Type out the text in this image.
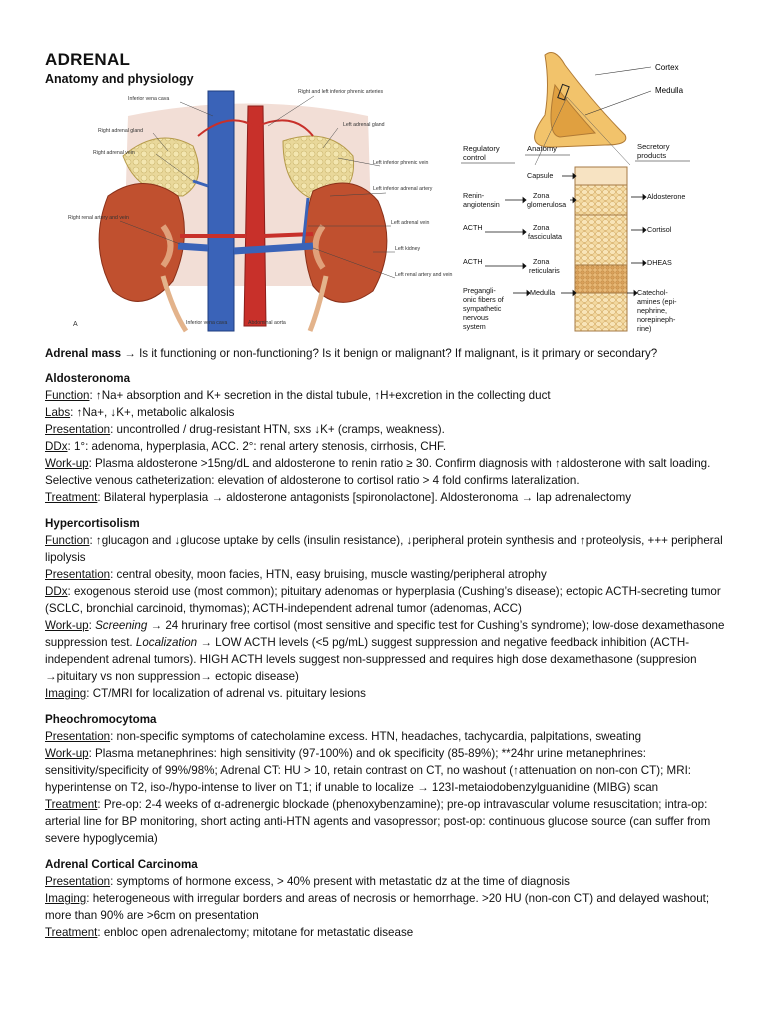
ADRENAL
Anatomy and physiology
Inferior vena cava
Right and left inferior phrenic arteries
Right adrenal gland
Right adrenal vein
Left adrenal gland
Left inferior phrenic vein
Left inferior adrenal artery
Right renal artery and vein
Left adrenal vein
Left kidney
Left renal artery and vein
Inferior vena cava	Abdominal aorta
A
Cortex
Medulla
Regulatory
control
Anatomy	Secretory
products
Capsule
Renin-
angiotensin
Zona
glomerulosa
Aldosterone
ACTH	Zona
fasciculata
Cortisol
ACTH	Zona
reticularis
DHEAS
Pregangli-
onic fibers of
sympathetic
nervous
system
Medulla	Catechol-
amines (epi-
nephrine,
norepineph-
rine)

Adrenal mass → Is it functioning or non-functioning? Is it benign or malignant? If malignant, is it primary or secondary?

Aldosteronoma

Function: ↑Na+ absorption and K+ secretion in the distal tubule, ↑H+excretion in the collecting duct

Labs: ↑Na+, ↓K+, metabolic alkalosis

Presentation: uncontrolled / drug-resistant HTN, sxs ↓K+ (cramps, weakness).

DDx: 1°: adenoma, hyperplasia, ACC. 2°: renal artery stenosis, cirrhosis, CHF.

Work-up: Plasma aldosterone >15ng/dL and aldosterone to renin ratio ≥ 30. Confirm diagnosis with ↑aldosterone with salt loading. Selective venous catheterization: elevation of aldosterone to cortisol ratio > 4 fold confirms lateralization.

Treatment: Bilateral hyperplasia → aldosterone antagonists [spironolactone]. Aldosteronoma → lap adrenalectomy

Hypercortisolism

Function: ↑glucagon and ↓glucose uptake by cells (insulin resistance), ↓peripheral protein synthesis and ↑proteolysis, +++ peripheral lipolysis

Presentation: central obesity, moon facies, HTN, easy bruising, muscle wasting/peripheral atrophy

DDx: exogenous steroid use (most common); pituitary adenomas or hyperplasia (Cushing’s disease); ectopic ACTH-secreting tumor (SCLC, bronchial carcinoid, thymomas); ACTH-independent adrenal tumor (adenomas, ACC)

Work-up: Screening → 24 hrurinary free cortisol (most sensitive and specific test for Cushing’s syndrome); low-dose dexamethasone suppression test. Localization → LOW ACTH levels (<5 pg/mL) suggest suppression and negative feedback inhibition (ACTH-independent adrenal tumors). HIGH ACTH levels suggest non-suppressed and requires high dose dexamethasone (suppresion →pituitary vs non suppression→ ectopic disease)

Imaging: CT/MRI for localization of adrenal vs. pituitary lesions

Pheochromocytoma

Presentation: non-specific symptoms of catecholamine excess. HTN, headaches, tachycardia, palpitations, sweating

Work-up: Plasma metanephrines: high sensitivity (97-100%) and ok specificity (85-89%); **24hr urine metanephrines: sensitivity/specificity of 99%/98%; Adrenal CT: HU > 10, retain contrast on CT, no washout (↑attenuation on non-con CT); MRI: hyperintense on T2, iso-/hypo-intense to liver on T1; if unable to localize → 123I-metaiodobenzylguanidine (MIBG) scan

Treatment: Pre-op: 2-4 weeks of α-adrenergic blockade (phenoxybenzamine); pre-op intravascular volume resuscitation; intra-op: arterial line for BP monitoring, short acting anti-HTN agents and vasopressor; post-op: continuous glucose source (can suffer from severe hypoglycemia)

Adrenal Cortical Carcinoma

Presentation: symptoms of hormone excess, > 40% present with metastatic dz at the time of diagnosis

Imaging: heterogeneous with irregular borders and areas of necrosis or hemorrhage. >20 HU (non-con CT) and delayed washout; more than 90% are >6cm on presentation

Treatment: enbloc open adrenalectomy; mitotane for metastatic disease
